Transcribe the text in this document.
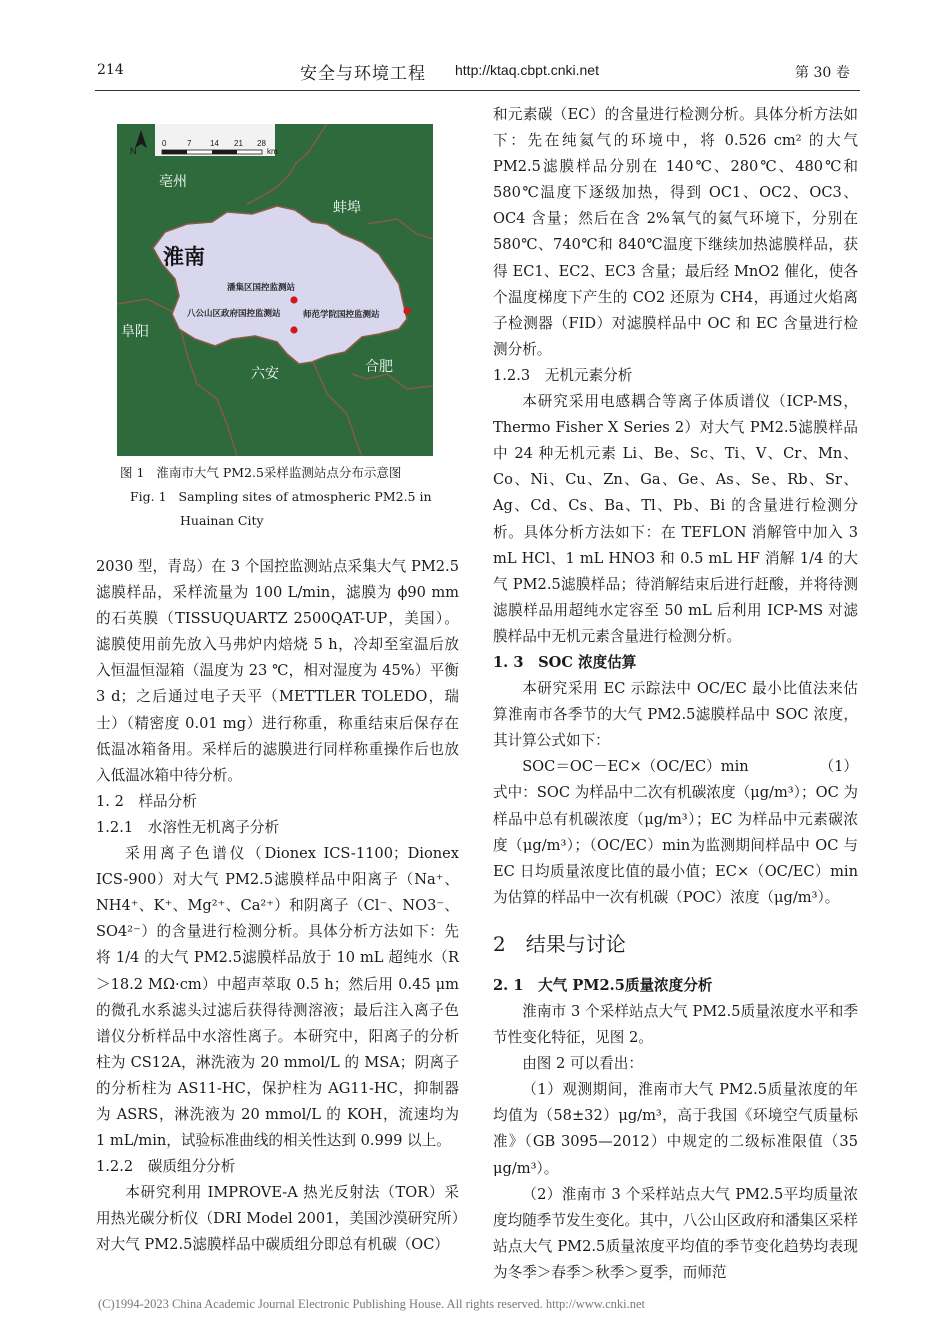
214	安全与环境工程 http://ktaq.cbpt.cnki.net	第 30 卷
N
0	7 14 21 28
km
亳州
蚌埠
淮南
阜阳
六安	合肥
潘集区国控监测站
八公山区政府国控监测站	师范学院国控监测站
图 1 淮南市大气 PM2.5采样监测站点分布示意图
Fig. 1 Sampling sites of atmospheric PM2.5 in
Huainan City

2030 型，青岛）在 3 个国控监测站点采集大气 PM2.5滤膜样品，采样流量为 100 L/min，滤膜为 ϕ90 mm 的石英膜（TISSUQUARTZ 2500QAT-UP，美国）。滤膜使用前先放入马弗炉内焙烧 5 h，冷却至室温后放入恒温恒湿箱（温度为 23 ℃，相对湿度为 45%）平衡 3 d；之后通过电子天平（METTLER TOLEDO，瑞士）（精密度 0.01 mg）进行称重，称重结束后保存在低温冰箱备用。采样后的滤膜进行同样称重操作后也放入低温冰箱中待分析。

1. 2　样品分析

1.2.1　水溶性无机离子分析

采用离子色谱仪（Dionex ICS-1100；Dionex ICS-900）对大气 PM2.5滤膜样品中阳离子（Na⁺、NH4⁺、K⁺、Mg²⁺、Ca²⁺）和阴离子（Cl⁻、NO3⁻、SO4²⁻）的含量进行检测分析。具体分析方法如下：先将 1/4 的大气 PM2.5滤膜样品放于 10 mL 超纯水（R＞18.2 MΩ·cm）中超声萃取 0.5 h；然后用 0.45 μm 的微孔水系滤头过滤后获得待测溶液；最后注入离子色谱仪分析样品中水溶性离子。本研究中，阳离子的分析柱为 CS12A，淋洗液为 20 mmol/L 的 MSA；阴离子的分析柱为 AS11-HC，保护柱为 AG11-HC，抑制器为 ASRS，淋洗液为 20 mmol/L 的 KOH，流速均为 1 mL/min，试验标准曲线的相关性达到 0.999 以上。

1.2.2　碳质组分分析

本研究利用 IMPROVE-A 热光反射法（TOR）采用热光碳分析仪（DRI Model 2001，美国沙漠研究所）对大气 PM2.5滤膜样品中碳质组分即总有机碳（OC）

和元素碳（EC）的含量进行检测分析。具体分析方法如下：先在纯氦气的环境中，将 0.526 cm² 的大气 PM2.5滤膜样品分别在 140℃、280℃、480℃和 580℃温度下逐级加热，得到 OC1、OC2、OC3、OC4 含量；然后在含 2%氧气的氦气环境下，分别在 580℃、740℃和 840℃温度下继续加热滤膜样品，获得 EC1、EC2、EC3 含量；最后经 MnO2 催化，使各个温度梯度下产生的 CO2 还原为 CH4，再通过火焰离子检测器（FID）对滤膜样品中 OC 和 EC 含量进行检测分析。

1.2.3　无机元素分析

本研究采用电感耦合等离子体质谱仪（ICP-MS，Thermo Fisher X Series 2）对大气 PM2.5滤膜样品中 24 种无机元素 Li、Be、Sc、Ti、V、Cr、Mn、Co、Ni、Cu、Zn、Ga、Ge、As、Se、Rb、Sr、Ag、Cd、Cs、Ba、Tl、Pb、Bi 的含量进行检测分析。具体分析方法如下：在 TEFLON 消解管中加入 3 mL HCl、1 mL HNO3 和 0.5 mL HF 消解 1/4 的大气 PM2.5滤膜样品；待消解结束后进行赶酸，并将待测滤膜样品用超纯水定容至 50 mL 后利用 ICP-MS 对滤膜样品中无机元素含量进行检测分析。

1. 3　SOC 浓度估算

本研究采用 EC 示踪法中 OC/EC 最小比值法来估算淮南市各季节的大气 PM2.5滤膜样品中 SOC 浓度，其计算公式如下：

SOC＝OC－EC×（OC/EC）min	（1）

式中：SOC 为样品中二次有机碳浓度（μg/m³）；OC 为样品中总有机碳浓度（μg/m³）；EC 为样品中元素碳浓度（μg/m³）；（OC/EC）min为监测期间样品中 OC 与 EC 日均质量浓度比值的最小值；EC×（OC/EC）min为估算的样品中一次有机碳（POC）浓度（μg/m³）。

2　结果与讨论

2. 1　大气 PM2.5质量浓度分析

淮南市 3 个采样站点大气 PM2.5质量浓度水平和季节性变化特征，见图 2。

由图 2 可以看出：

（1）观测期间，淮南市大气 PM2.5质量浓度的年均值为（58±32）μg/m³，高于我国《环境空气质量标准》（GB 3095—2012）中规定的二级标准限值（35 μg/m³）。

（2）淮南市 3 个采样站点大气 PM2.5平均质量浓度均随季节发生变化。其中，八公山区政府和潘集区采样站点大气 PM2.5质量浓度平均值的季节变化趋势均表现为冬季＞春季＞秋季＞夏季，而师范

(C)1994-2023 China Academic Journal Electronic Publishing House. All rights reserved. http://www.cnki.net
